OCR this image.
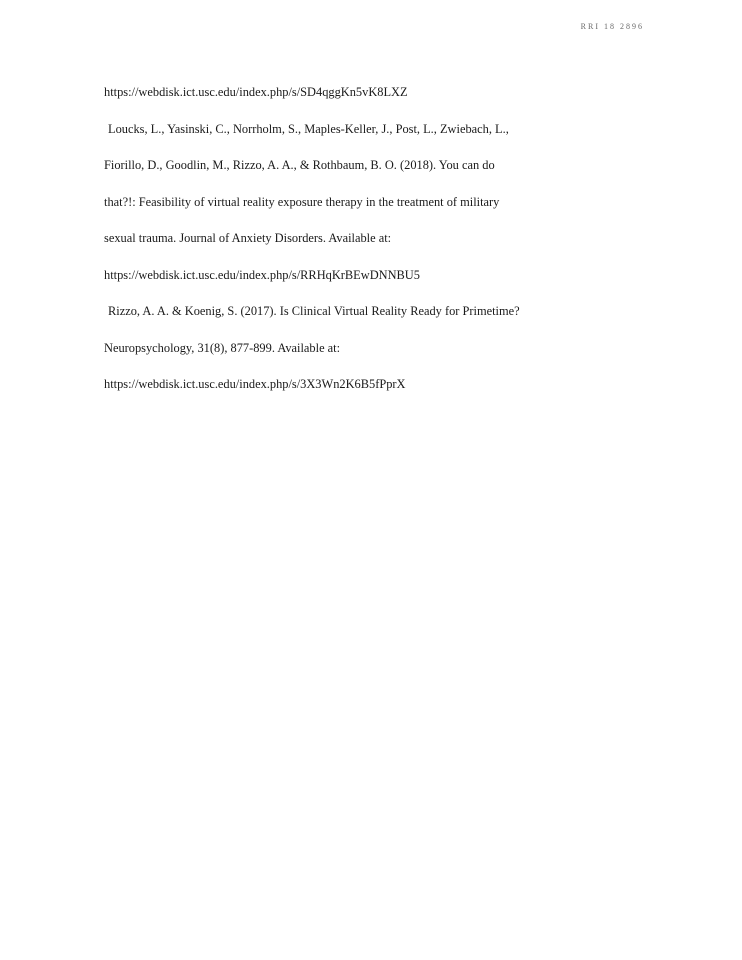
RRI 18 2896
https://webdisk.ict.usc.edu/index.php/s/SD4qggKn5vK8LXZ
Loucks, L., Yasinski, C., Norrholm, S., Maples-Keller, J., Post, L., Zwiebach, L.,
Fiorillo, D., Goodlin, M., Rizzo, A. A., & Rothbaum, B. O. (2018). You can do
that?!: Feasibility of virtual reality exposure therapy in the treatment of military
sexual trauma. Journal of Anxiety Disorders. Available at:
https://webdisk.ict.usc.edu/index.php/s/RRHqKrBEwDNNBU5
Rizzo, A. A. & Koenig, S. (2017). Is Clinical Virtual Reality Ready for Primetime?
Neuropsychology, 31(8), 877-899. Available at:
https://webdisk.ict.usc.edu/index.php/s/3X3Wn2K6B5fPprX
